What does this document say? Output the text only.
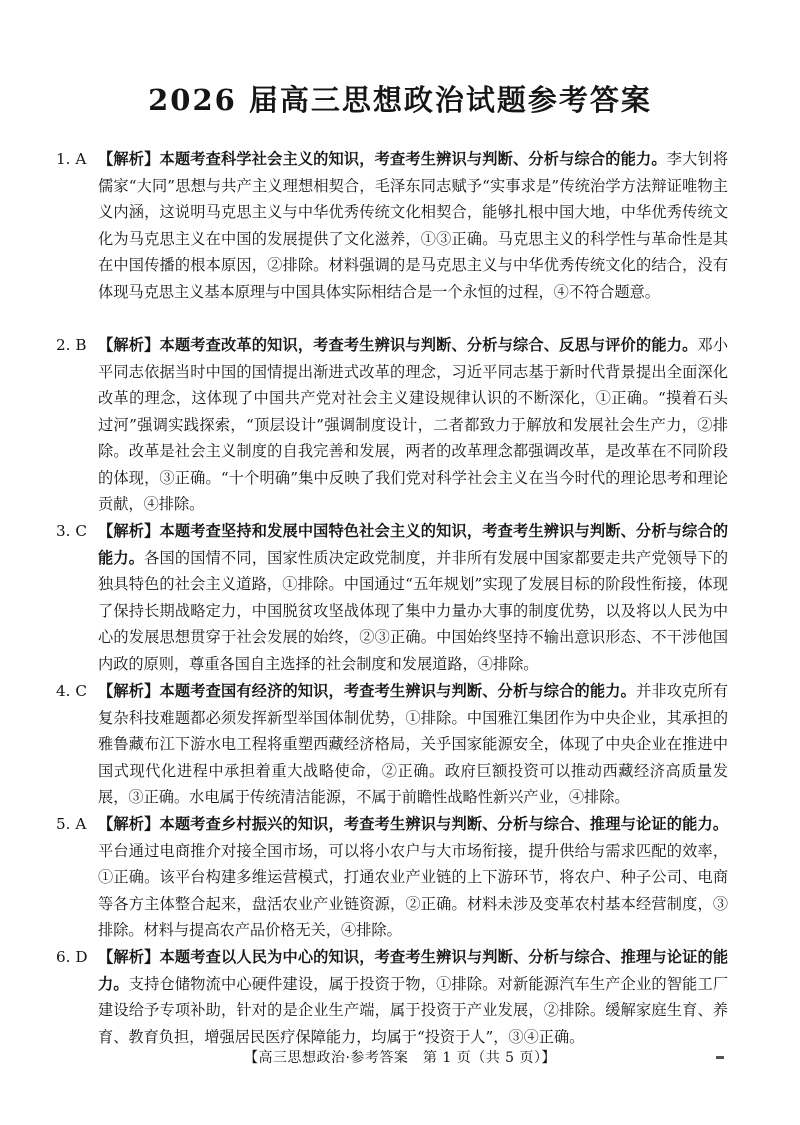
2026 届高三思想政治试题参考答案
1. A 【解析】本题考查科学社会主义的知识，考查考生辨识与判断、分析与综合的能力。李大钊将儒家“大同”思想与共产主义理想相契合，毛泽东同志赋予“实事求是”传统治学方法辩证唯物主义内涵，这说明马克思主义与中华优秀传统文化相契合，能够扎根中国大地，中华优秀传统文化为马克思主义在中国的发展提供了文化滋养，①③正确。马克思主义的科学性与革命性是其在中国传播的根本原因，②排除。材料强调的是马克思主义与中华优秀传统文化的结合，没有体现马克思主义基本原理与中国具体实际相结合是一个永恒的过程，④不符合题意。
2. B 【解析】本题考查改革的知识，考查考生辨识与判断、分析与综合、反思与评价的能力。邓小平同志依据当时中国的国情提出渐进式改革的理念，习近平同志基于新时代背景提出全面深化改革的理念，这体现了中国共产党对社会主义建设规律认识的不断深化，①正确。“摸着石头过河”强调实践探索，“顶层设计”强调制度设计，二者都致力于解放和发展社会生产力，②排除。改革是社会主义制度的自我完善和发展，两者的改革理念都强调改革，是改革在不同阶段的体现，③正确。“十个明确”集中反映了我们党对科学社会主义在当今时代的理论思考和理论贡献，④排除。
3. C 【解析】本题考查坚持和发展中国特色社会主义的知识，考查考生辨识与判断、分析与综合的能力。各国的国情不同，国家性质决定政党制度，并非所有发展中国家都要走共产党领导下的独具特色的社会主义道路，①排除。中国通过“五年规划”实现了发展目标的阶段性衔接，体现了保持长期战略定力，中国脱贫攻坚战体现了集中力量办大事的制度优势，以及将以人民为中心的发展思想贯穿于社会发展的始终，②③正确。中国始终坚持不输出意识形态、不干涉他国内政的原则，尊重各国自主选择的社会制度和发展道路，④排除。
4. C 【解析】本题考查国有经济的知识，考查考生辨识与判断、分析与综合的能力。并非攻克所有复杂科技难题都必须发挥新型举国体制优势，①排除。中国雅江集团作为中央企业，其承担的雅鲁藏布江下游水电工程将重塑西藏经济格局，关乎国家能源安全，体现了中央企业在推进中国式现代化进程中承担着重大战略使命，②正确。政府巨额投资可以推动西藏经济高质量发展，③正确。水电属于传统清洁能源，不属于前瞻性战略性新兴产业，④排除。
5. A 【解析】本题考查乡村振兴的知识，考查考生辨识与判断、分析与综合、推理与论证的能力。平台通过电商推介对接全国市场，可以将小农户与大市场衔接，提升供给与需求匹配的效率，①正确。该平台构建多维运营模式，打通农业产业链的上下游环节，将农户、种子公司、电商等各方主体整合起来，盘活农业产业链资源，②正确。材料未涉及变革农村基本经营制度，③排除。材料与提高农产品价格无关，④排除。
6. D 【解析】本题考查以人民为中心的知识，考查考生辨识与判断、分析与综合、推理与论证的能力。支持仓储物流中心硬件建设，属于投资于物，①排除。对新能源汽车生产企业的智能工厂建设给予专项补助，针对的是企业生产端，属于投资于产业发展，②排除。缓解家庭生育、养育、教育负担，增强居民医疗保障能力，均属于“投资于人”，③④正确。
【高三思想政治·参考答案　第 1 页（共 5 页）】
